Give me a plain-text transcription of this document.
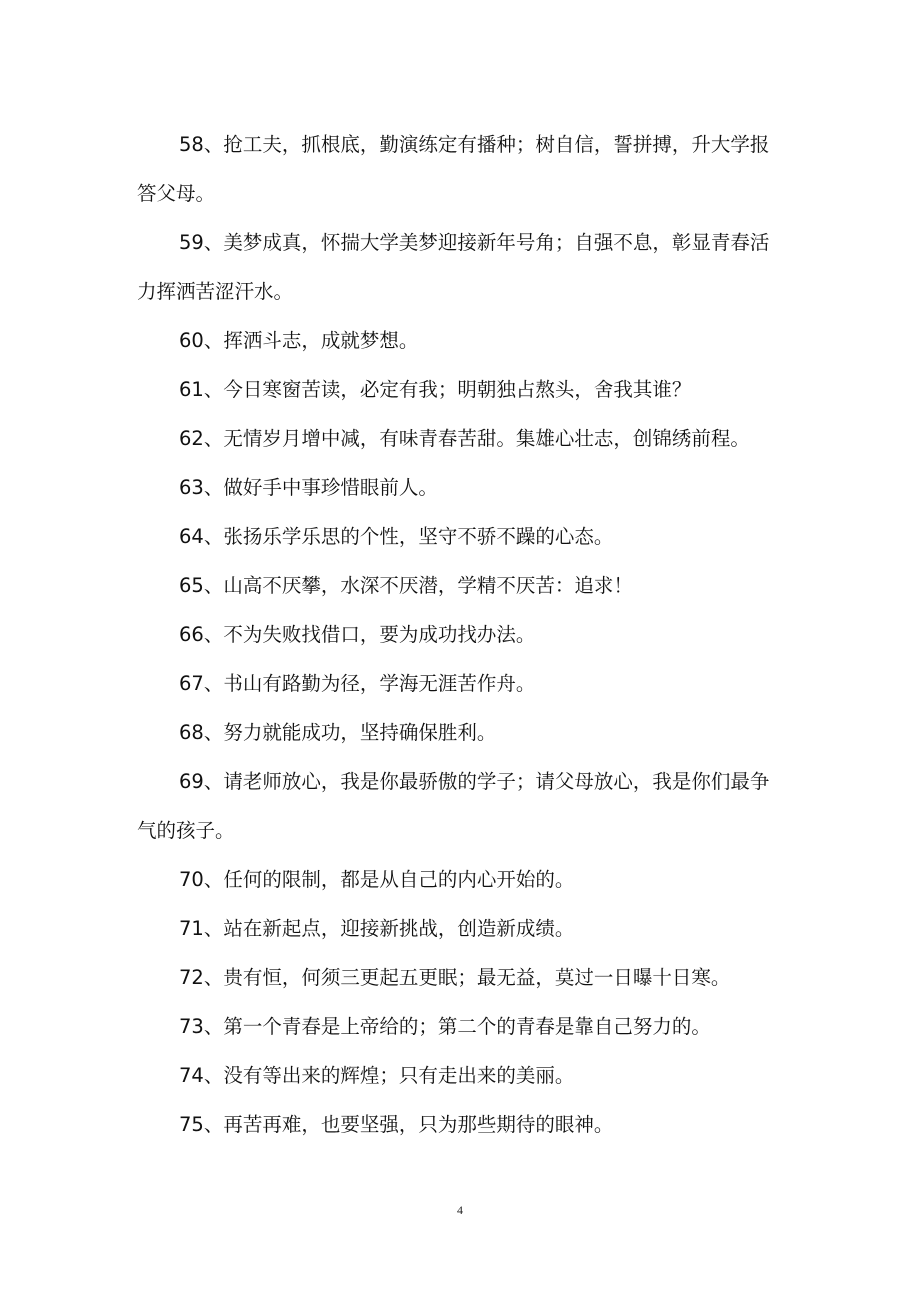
58、抢工夫，抓根底，勤演练定有播种；树自信，誓拼搏，升大学报答父母。

59、美梦成真，怀揣大学美梦迎接新年号角；自强不息，彰显青春活力挥洒苦涩汗水。

60、挥洒斗志，成就梦想。

61、今日寒窗苦读，必定有我；明朝独占熬头，舍我其谁？

62、无情岁月增中减，有味青春苦甜。集雄心壮志，创锦绣前程。

63、做好手中事珍惜眼前人。

64、张扬乐学乐思的个性，坚守不骄不躁的心态。

65、山高不厌攀，水深不厌潜，学精不厌苦：追求！

66、不为失败找借口，要为成功找办法。

67、书山有路勤为径，学海无涯苦作舟。

68、努力就能成功，坚持确保胜利。

69、请老师放心，我是你最骄傲的学子；请父母放心，我是你们最争气的孩子。

70、任何的限制，都是从自己的内心开始的。

71、站在新起点，迎接新挑战，创造新成绩。

72、贵有恒，何须三更起五更眠；最无益，莫过一日曝十日寒。

73、第一个青春是上帝给的；第二个的青春是靠自己努力的。

74、没有等出来的辉煌；只有走出来的美丽。

75、再苦再难，也要坚强，只为那些期待的眼神。

4
